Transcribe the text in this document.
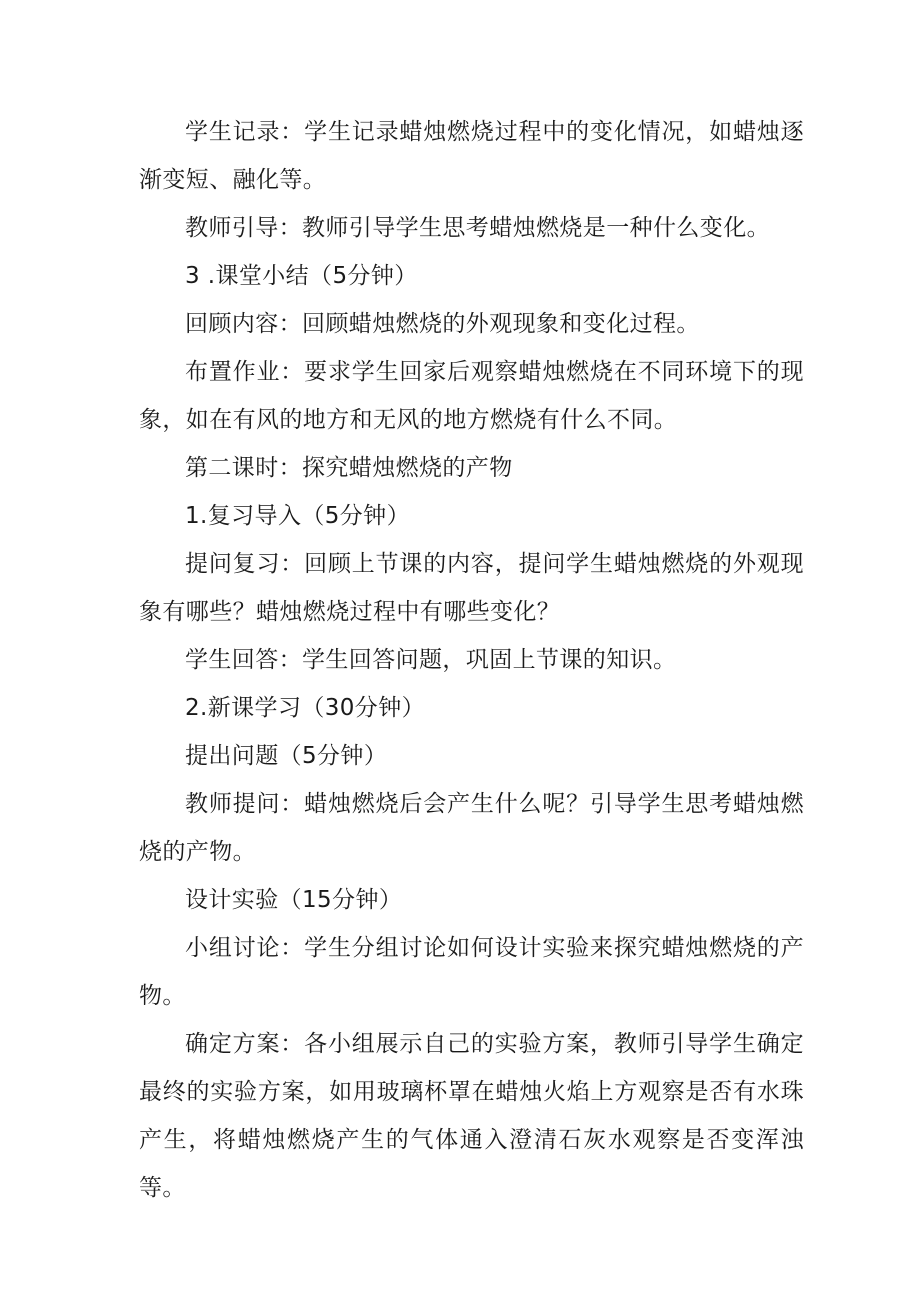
学生记录：学生记录蜡烛燃烧过程中的变化情况，如蜡烛逐渐变短、融化等。

教师引导：教师引导学生思考蜡烛燃烧是一种什么变化。

3 .课堂小结（5分钟）

回顾内容：回顾蜡烛燃烧的外观现象和变化过程。

布置作业：要求学生回家后观察蜡烛燃烧在不同环境下的现象，如在有风的地方和无风的地方燃烧有什么不同。

第二课时：探究蜡烛燃烧的产物

1.复习导入（5分钟）

提问复习：回顾上节课的内容，提问学生蜡烛燃烧的外观现象有哪些？蜡烛燃烧过程中有哪些变化？

学生回答：学生回答问题，巩固上节课的知识。

2.新课学习（30分钟）

提出问题（5分钟）

教师提问：蜡烛燃烧后会产生什么呢？引导学生思考蜡烛燃烧的产物。

设计实验（15分钟）

小组讨论：学生分组讨论如何设计实验来探究蜡烛燃烧的产物。

确定方案：各小组展示自己的实验方案，教师引导学生确定最终的实验方案，如用玻璃杯罩在蜡烛火焰上方观察是否有水珠产生，将蜡烛燃烧产生的气体通入澄清石灰水观察是否变浑浊等。
